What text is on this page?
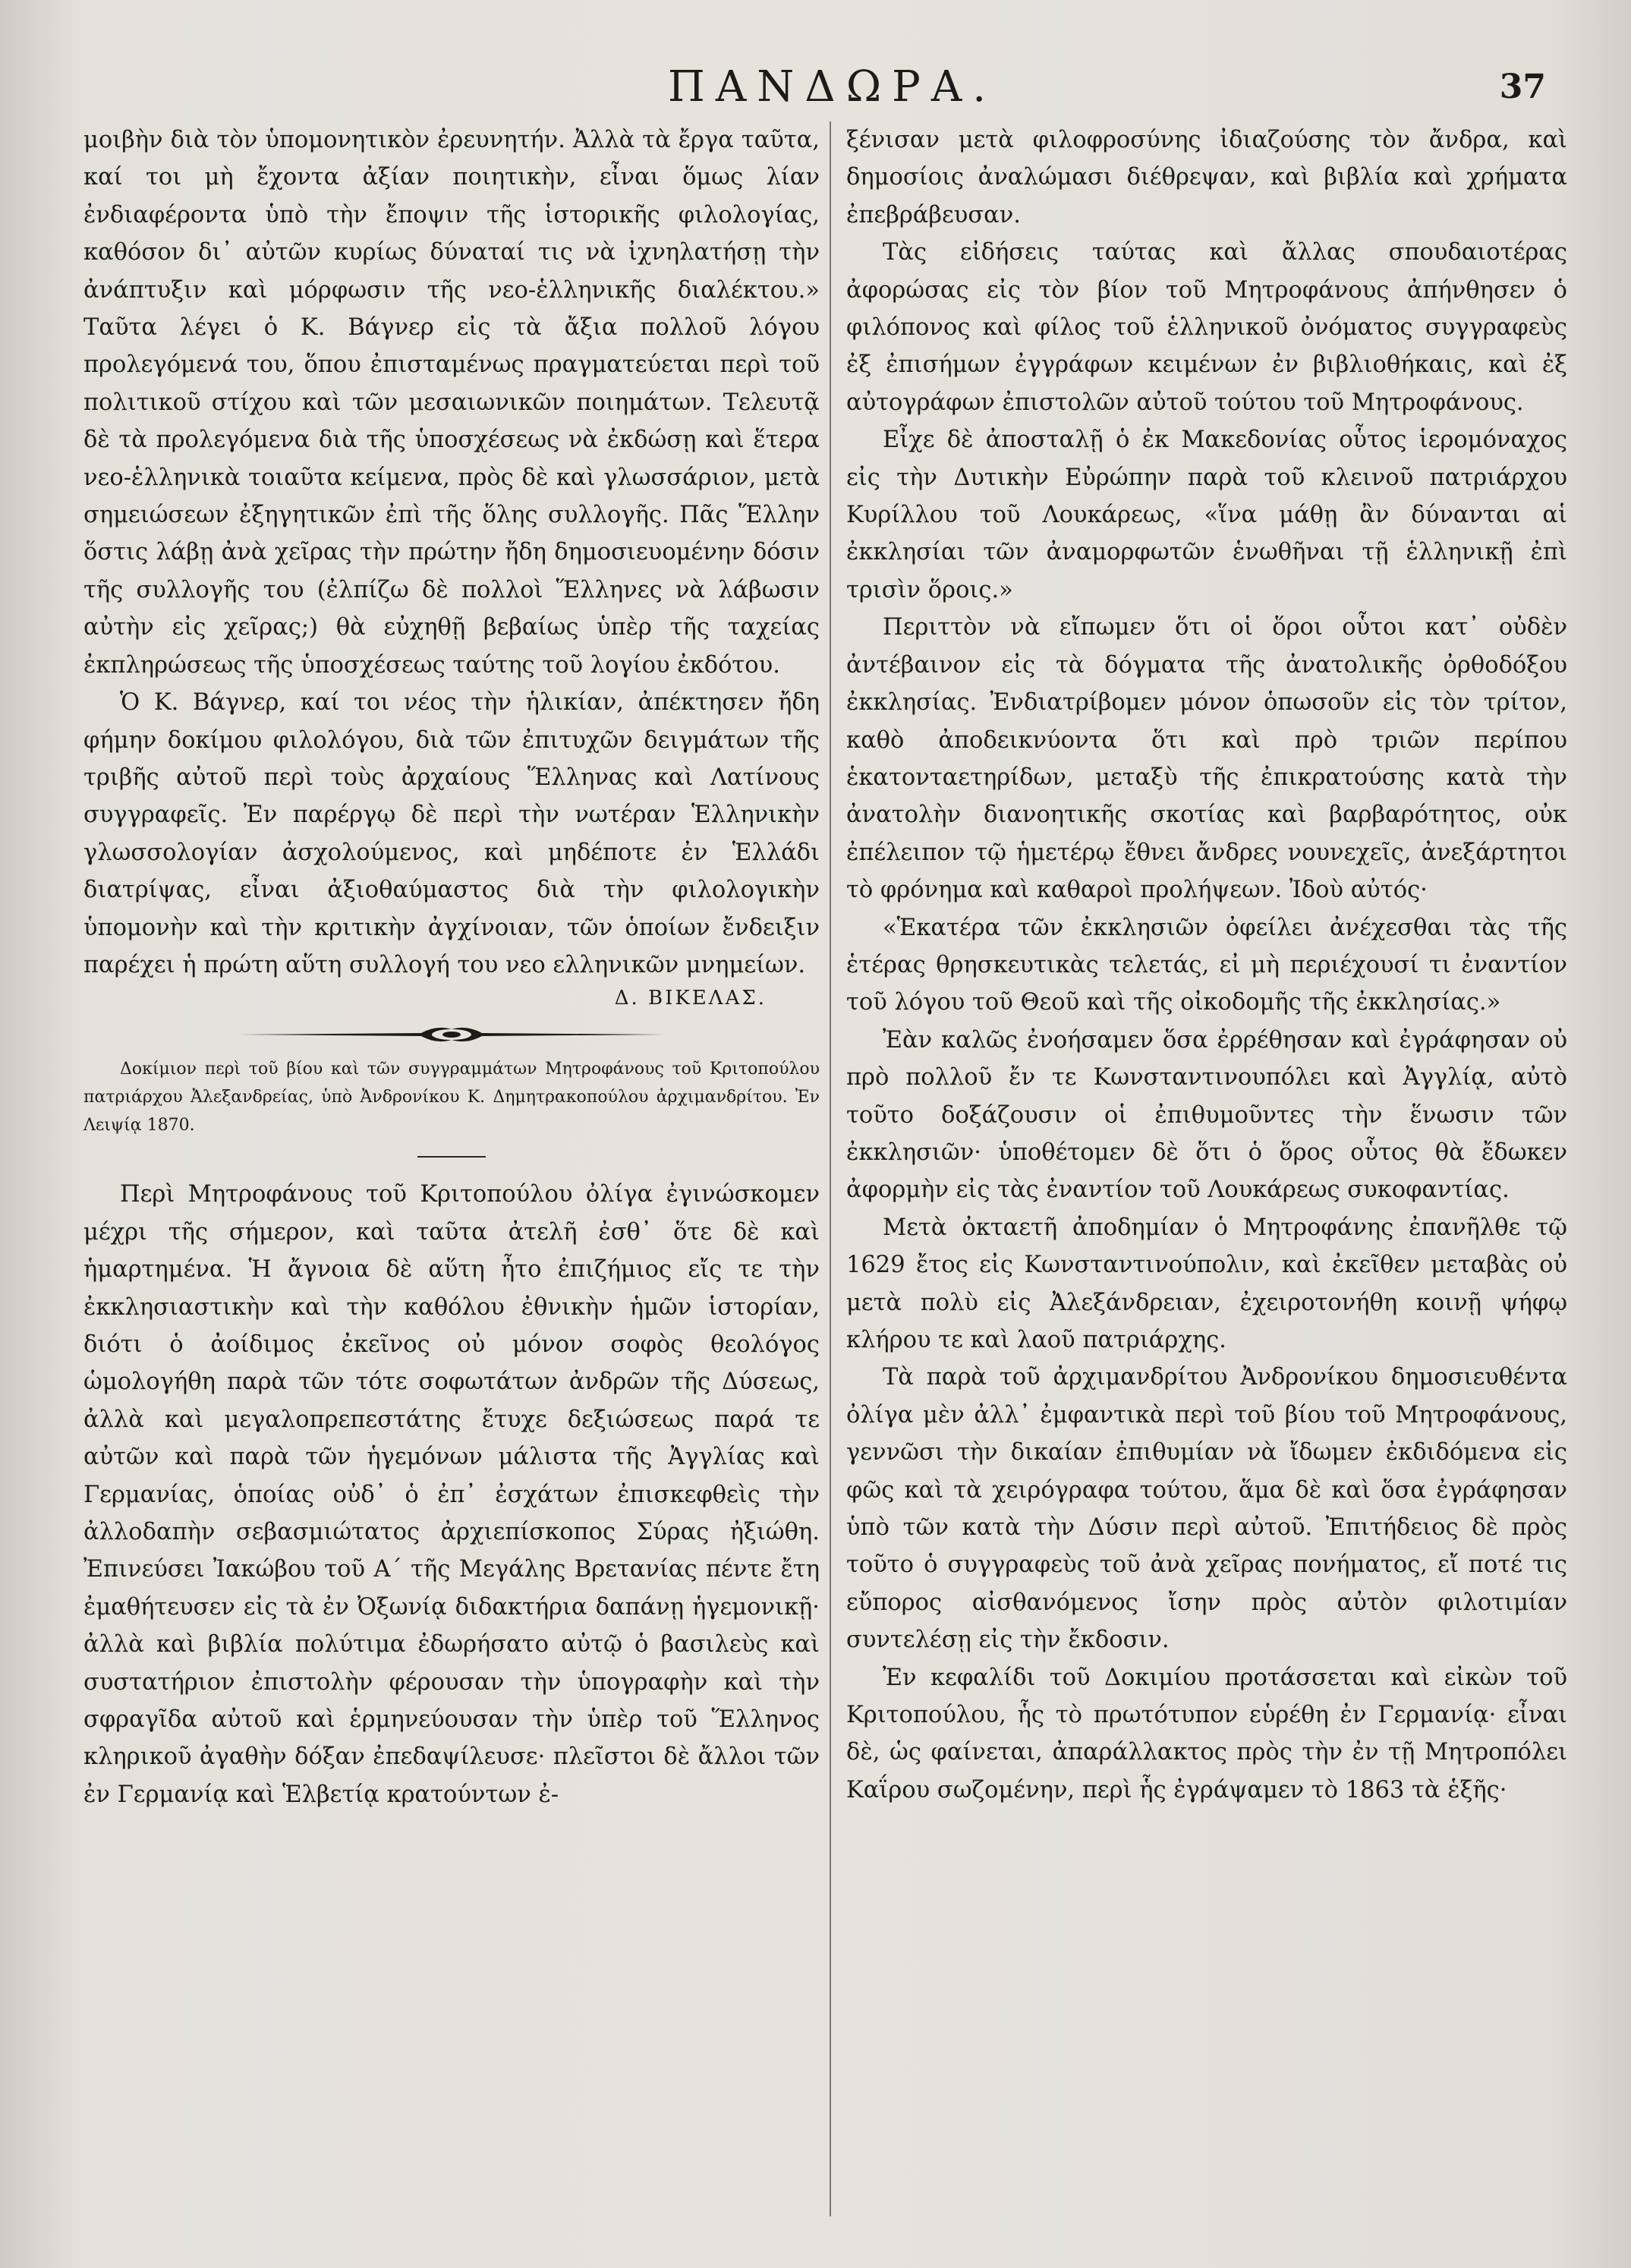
ΠΑΝΔΩΡΑ.	37

μοιβὴν διὰ τὸν ὑπομονητικὸν ἐρευνητήν. Ἀλλὰ τὰ ἔργα ταῦτα, καί τοι μὴ ἔχοντα ἀξίαν ποιητικὴν, εἶναι ὅμως λίαν ἐνδιαφέροντα ὑπὸ τὴν ἔποψιν τῆς ἱστορικῆς φιλολογίας, καθόσον δι᾽ αὐτῶν κυρίως δύναταί τις νὰ ἰχνηλατήσῃ τὴν ἀνάπτυξιν καὶ μόρφωσιν τῆς νεο-ἑλληνικῆς διαλέκτου.» Ταῦτα λέγει ὁ Κ. Βάγνερ εἰς τὰ ἄξια πολλοῦ λόγου προλεγόμενά του, ὅπου ἐπισταμένως πραγματεύεται περὶ τοῦ πολιτικοῦ στίχου καὶ τῶν μεσαιωνικῶν ποιημάτων. Τελευτᾷ δὲ τὰ προλεγόμενα διὰ τῆς ὑποσχέσεως νὰ ἐκδώσῃ καὶ ἕτερα νεο-ἑλληνικὰ τοιαῦτα κείμενα, πρὸς δὲ καὶ γλωσσάριον, μετὰ σημειώσεων ἐξηγητικῶν ἐπὶ τῆς ὅλης συλλογῆς. Πᾶς Ἕλλην ὅστις λάβῃ ἀνὰ χεῖρας τὴν πρώτην ἤδη δημοσιευομένην δόσιν τῆς συλλογῆς του (ἐλπίζω δὲ πολλοὶ Ἕλληνες νὰ λάβωσιν αὐτὴν εἰς χεῖρας;) θὰ εὐχηθῇ βεβαίως ὑπὲρ τῆς ταχείας ἐκπληρώσεως τῆς ὑποσχέσεως ταύτης τοῦ λογίου ἐκδότου.

Ὁ Κ. Βάγνερ, καί τοι νέος τὴν ἡλικίαν, ἀπέκτησεν ἤδη φήμην δοκίμου φιλολόγου, διὰ τῶν ἐπιτυχῶν δειγμάτων τῆς τριβῆς αὐτοῦ περὶ τοὺς ἀρχαίους Ἕλληνας καὶ Λατίνους συγγραφεῖς. Ἐν παρέργῳ δὲ περὶ τὴν νωτέραν Ἑλληνικὴν γλωσσολογίαν ἀσχολούμενος, καὶ μηδέποτε ἐν Ἑλλάδι διατρίψας, εἶναι ἀξιοθαύμαστος διὰ τὴν φιλολογικὴν ὑπομονὴν καὶ τὴν κριτικὴν ἀγχίνοιαν, τῶν ὁποίων ἔνδειξιν παρέχει ἡ πρώτη αὕτη συλλογή του νεο ελληνικῶν μνημείων.

Δ. ΒΙΚΕΛΑΣ.

Δοκίμιον περὶ τοῦ βίου καὶ τῶν συγγραμμάτων Μητροφάνους τοῦ Κριτοπούλου πατριάρχου Ἀλεξανδρείας, ὑπὸ Ἀνδρονίκου Κ. Δημητρακοπούλου ἀρχιμανδρίτου. Ἐν Λειψίᾳ 1870.

Περὶ Μητροφάνους τοῦ Κριτοπούλου ὀλίγα ἐγινώσκομεν μέχρι τῆς σήμερον, καὶ ταῦτα ἀτελῆ ἐσθ᾽ ὅτε δὲ καὶ ἡμαρτημένα. Ἡ ἄγνοια δὲ αὕτη ἦτο ἐπιζήμιος εἴς τε τὴν ἐκκλησιαστικὴν καὶ τὴν καθόλου ἐθνικὴν ἡμῶν ἱστορίαν, διότι ὁ ἀοίδιμος ἐκεῖνος οὐ μόνον σοφὸς θεολόγος ὡμολογήθη παρὰ τῶν τότε σοφωτάτων ἀνδρῶν τῆς Δύσεως, ἀλλὰ καὶ μεγαλοπρεπεστάτης ἔτυχε δεξιώσεως παρά τε αὐτῶν καὶ παρὰ τῶν ἡγεμόνων μάλιστα τῆς Ἀγγλίας καὶ Γερμανίας, ὁποίας οὐδ᾽ ὁ ἐπ᾽ ἐσχάτων ἐπισκεφθεὶς τὴν ἀλλοδαπὴν σεβασμιώτατος ἀρχιεπίσκοπος Σύρας ἠξιώθη. Ἐπινεύσει Ἰακώβου τοῦ Α´ τῆς Μεγάλης Βρετανίας πέντε ἔτη ἐμαθήτευσεν εἰς τὰ ἐν Ὀξωνίᾳ διδακτήρια δαπάνῃ ἡγεμονικῇ· ἀλλὰ καὶ βιβλία πολύτιμα ἐδωρήσατο αὐτῷ ὁ βασιλεὺς καὶ συστατήριον ἐπιστολὴν φέρουσαν τὴν ὑπογραφὴν καὶ τὴν σφραγῖδα αὐτοῦ καὶ ἑρμηνεύουσαν τὴν ὑπὲρ τοῦ Ἕλληνος κληρικοῦ ἀγαθὴν δόξαν ἐπεδαψίλευσε· πλεῖστοι δὲ ἄλλοι τῶν ἐν Γερμανίᾳ καὶ Ἑλβετίᾳ κρατούντων ἐ-

ξένισαν μετὰ φιλοφροσύνης ἰδιαζούσης τὸν ἄνδρα, καὶ δημοσίοις ἀναλώμασι διέθρεψαν, καὶ βιβλία καὶ χρήματα ἐπεβράβευσαν.

Τὰς εἰδήσεις ταύτας καὶ ἄλλας σπουδαιοτέρας ἀφορώσας εἰς τὸν βίον τοῦ Μητροφάνους ἀπήνθησεν ὁ φιλόπονος καὶ φίλος τοῦ ἑλληνικοῦ ὀνόματος συγγραφεὺς ἐξ ἐπισήμων ἐγγράφων κειμένων ἐν βιβλιοθήκαις, καὶ ἐξ αὐτογράφων ἐπιστολῶν αὐτοῦ τούτου τοῦ Μητροφάνους.

Εἶχε δὲ ἀποσταλῇ ὁ ἐκ Μακεδονίας οὗτος ἱερομόναχος εἰς τὴν Δυτικὴν Εὐρώπην παρὰ τοῦ κλεινοῦ πατριάρχου Κυρίλλου τοῦ Λουκάρεως, «ἵνα μάθῃ ἂν δύνανται αἱ ἐκκλησίαι τῶν ἀναμορφωτῶν ἑνωθῆναι τῇ ἑλληνικῇ ἐπὶ τρισὶν ὅροις.»

Περιττὸν νὰ εἴπωμεν ὅτι οἱ ὅροι οὗτοι κατ᾽ οὐδὲν ἀντέβαινον εἰς τὰ δόγματα τῆς ἀνατολικῆς ὀρθοδόξου ἐκκλησίας. Ἐνδιατρίβομεν μόνον ὁπωσοῦν εἰς τὸν τρίτον, καθὸ ἀποδεικνύοντα ὅτι καὶ πρὸ τριῶν περίπου ἑκατονταετηρίδων, μεταξὺ τῆς ἐπικρατούσης κατὰ τὴν ἀνατολὴν διανοητικῆς σκοτίας καὶ βαρβαρότητος, οὐκ ἐπέλειπον τῷ ἡμετέρῳ ἔθνει ἄνδρες νουνεχεῖς, ἀνεξάρτητοι τὸ φρόνημα καὶ καθαροὶ προλήψεων. Ἰδοὺ αὐτός·

«Ἑκατέρα τῶν ἐκκλησιῶν ὀφείλει ἀνέχεσθαι τὰς τῆς ἑτέρας θρησκευτικὰς τελετάς, εἰ μὴ περιέχουσί τι ἐναντίον τοῦ λόγου τοῦ Θεοῦ καὶ τῆς οἰκοδομῆς τῆς ἐκκλησίας.»

Ἐὰν καλῶς ἐνοήσαμεν ὅσα ἐρρέθησαν καὶ ἐγράφησαν οὐ πρὸ πολλοῦ ἔν τε Κωνσταντινουπόλει καὶ Ἀγγλίᾳ, αὐτὸ τοῦτο δοξάζουσιν οἱ ἐπιθυμοῦντες τὴν ἕνωσιν τῶν ἐκκλησιῶν· ὑποθέτομεν δὲ ὅτι ὁ ὅρος οὗτος θὰ ἔδωκεν ἀφορμὴν εἰς τὰς ἐναντίον τοῦ Λουκάρεως συκοφαντίας.

Μετὰ ὀκταετῆ ἀποδημίαν ὁ Μητροφάνης ἐπανῆλθε τῷ 1629 ἔτος εἰς Κωνσταντινούπολιν, καὶ ἐκεῖθεν μεταβὰς οὐ μετὰ πολὺ εἰς Ἀλεξάνδρειαν, ἐχειροτονήθη κοινῇ ψήφῳ κλήρου τε καὶ λαοῦ πατριάρχης.

Τὰ παρὰ τοῦ ἀρχιμανδρίτου Ἀνδρονίκου δημοσιευθέντα ὀλίγα μὲν ἀλλ᾽ ἐμφαντικὰ περὶ τοῦ βίου τοῦ Μητροφάνους, γεννῶσι τὴν δικαίαν ἐπιθυμίαν νὰ ἴδωμεν ἐκδιδόμενα εἰς φῶς καὶ τὰ χειρόγραφα τούτου, ἅμα δὲ καὶ ὅσα ἐγράφησαν ὑπὸ τῶν κατὰ τὴν Δύσιν περὶ αὐτοῦ. Ἐπιτήδειος δὲ πρὸς τοῦτο ὁ συγγραφεὺς τοῦ ἀνὰ χεῖρας πονήματος, εἴ ποτέ τις εὔπορος αἰσθανόμενος ἴσην πρὸς αὐτὸν φιλοτιμίαν συντελέσῃ εἰς τὴν ἔκδοσιν.

Ἐν κεφαλίδι τοῦ Δοκιμίου προτάσσεται καὶ εἰκὼν τοῦ Κριτοπούλου, ἧς τὸ πρωτότυπον εὑρέθη ἐν Γερμανίᾳ· εἶναι δὲ, ὡς φαίνεται, ἀπαράλλακτος πρὸς τὴν ἐν τῇ Μητροπόλει Καΐρου σωζομένην, περὶ ἧς ἐγράψαμεν τὸ 1863 τὰ ἑξῆς·
